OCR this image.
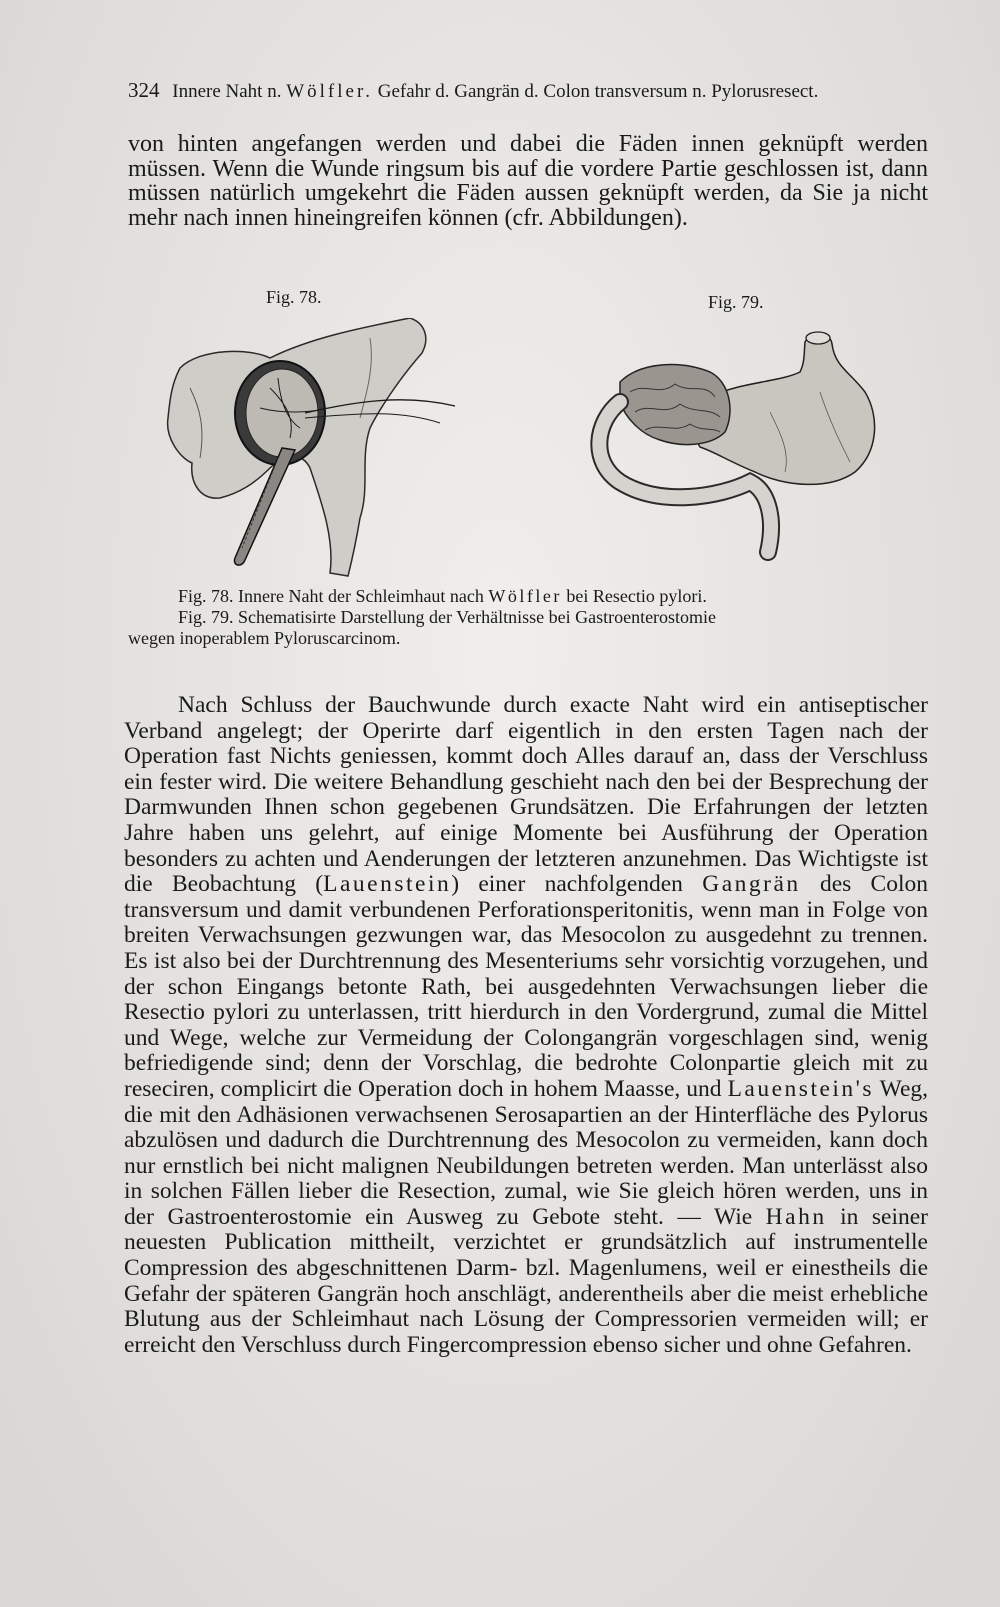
324 Innere Naht n. Wölfler. Gefahr d. Gangrän d. Colon transversum n. Pylorusresect.
von hinten angefangen werden und dabei die Fäden innen geknüpft werden müssen. Wenn die Wunde ringsum bis auf die vordere Partie geschlossen ist, dann müssen natürlich umgekehrt die Fäden aussen geknüpft werden, da Sie ja nicht mehr nach innen hineingreifen können (cfr. Abbildungen).
Fig. 78.	Fig. 79.
Fig. 78. Innere Naht der Schleimhaut nach Wölfler bei Resectio pylori.
Fig. 79. Schematisirte Darstellung der Verhältnisse bei Gastroenterostomie
wegen inoperablem Pyloruscarcinom.
Nach Schluss der Bauchwunde durch exacte Naht wird ein antiseptischer Verband angelegt; der Operirte darf eigentlich in den ersten Tagen nach der Operation fast Nichts geniessen, kommt doch Alles darauf an, dass der Verschluss ein fester wird. Die weitere Behandlung geschieht nach den bei der Besprechung der Darmwunden Ihnen schon gegebenen Grundsätzen. Die Erfahrungen der letzten Jahre haben uns gelehrt, auf einige Momente bei Ausführung der Operation besonders zu achten und Aenderungen der letzteren anzunehmen. Das Wichtigste ist die Beobachtung (Lauenstein) einer nachfolgenden Gangrän des Colon transversum und damit verbundenen Perforationsperitonitis, wenn man in Folge von breiten Verwachsungen gezwungen war, das Mesocolon zu ausgedehnt zu trennen. Es ist also bei der Durchtrennung des Mesenteriums sehr vorsichtig vorzugehen, und der schon Eingangs betonte Rath, bei ausgedehnten Verwachsungen lieber die Resectio pylori zu unterlassen, tritt hierdurch in den Vordergrund, zumal die Mittel und Wege, welche zur Vermeidung der Colongangrän vorgeschlagen sind, wenig befriedigende sind; denn der Vorschlag, die bedrohte Colonpartie gleich mit zu reseciren, complicirt die Operation doch in hohem Maasse, und Lauenstein's Weg, die mit den Adhäsionen verwachsenen Serosapartien an der Hinterfläche des Pylorus abzulösen und dadurch die Durchtrennung des Mesocolon zu vermeiden, kann doch nur ernstlich bei nicht malignen Neubildungen betreten werden. Man unterlässt also in solchen Fällen lieber die Resection, zumal, wie Sie gleich hören werden, uns in der Gastroenterostomie ein Ausweg zu Gebote steht. — Wie Hahn in seiner neuesten Publication mittheilt, verzichtet er grundsätzlich auf instrumentelle Compression des abgeschnittenen Darm- bzl. Magenlumens, weil er einestheils die Gefahr der späteren Gangrän hoch anschlägt, anderentheils aber die meist erhebliche Blutung aus der Schleimhaut nach Lösung der Compressorien vermeiden will; er erreicht den Verschluss durch Fingercompression ebenso sicher und ohne Gefahren.
